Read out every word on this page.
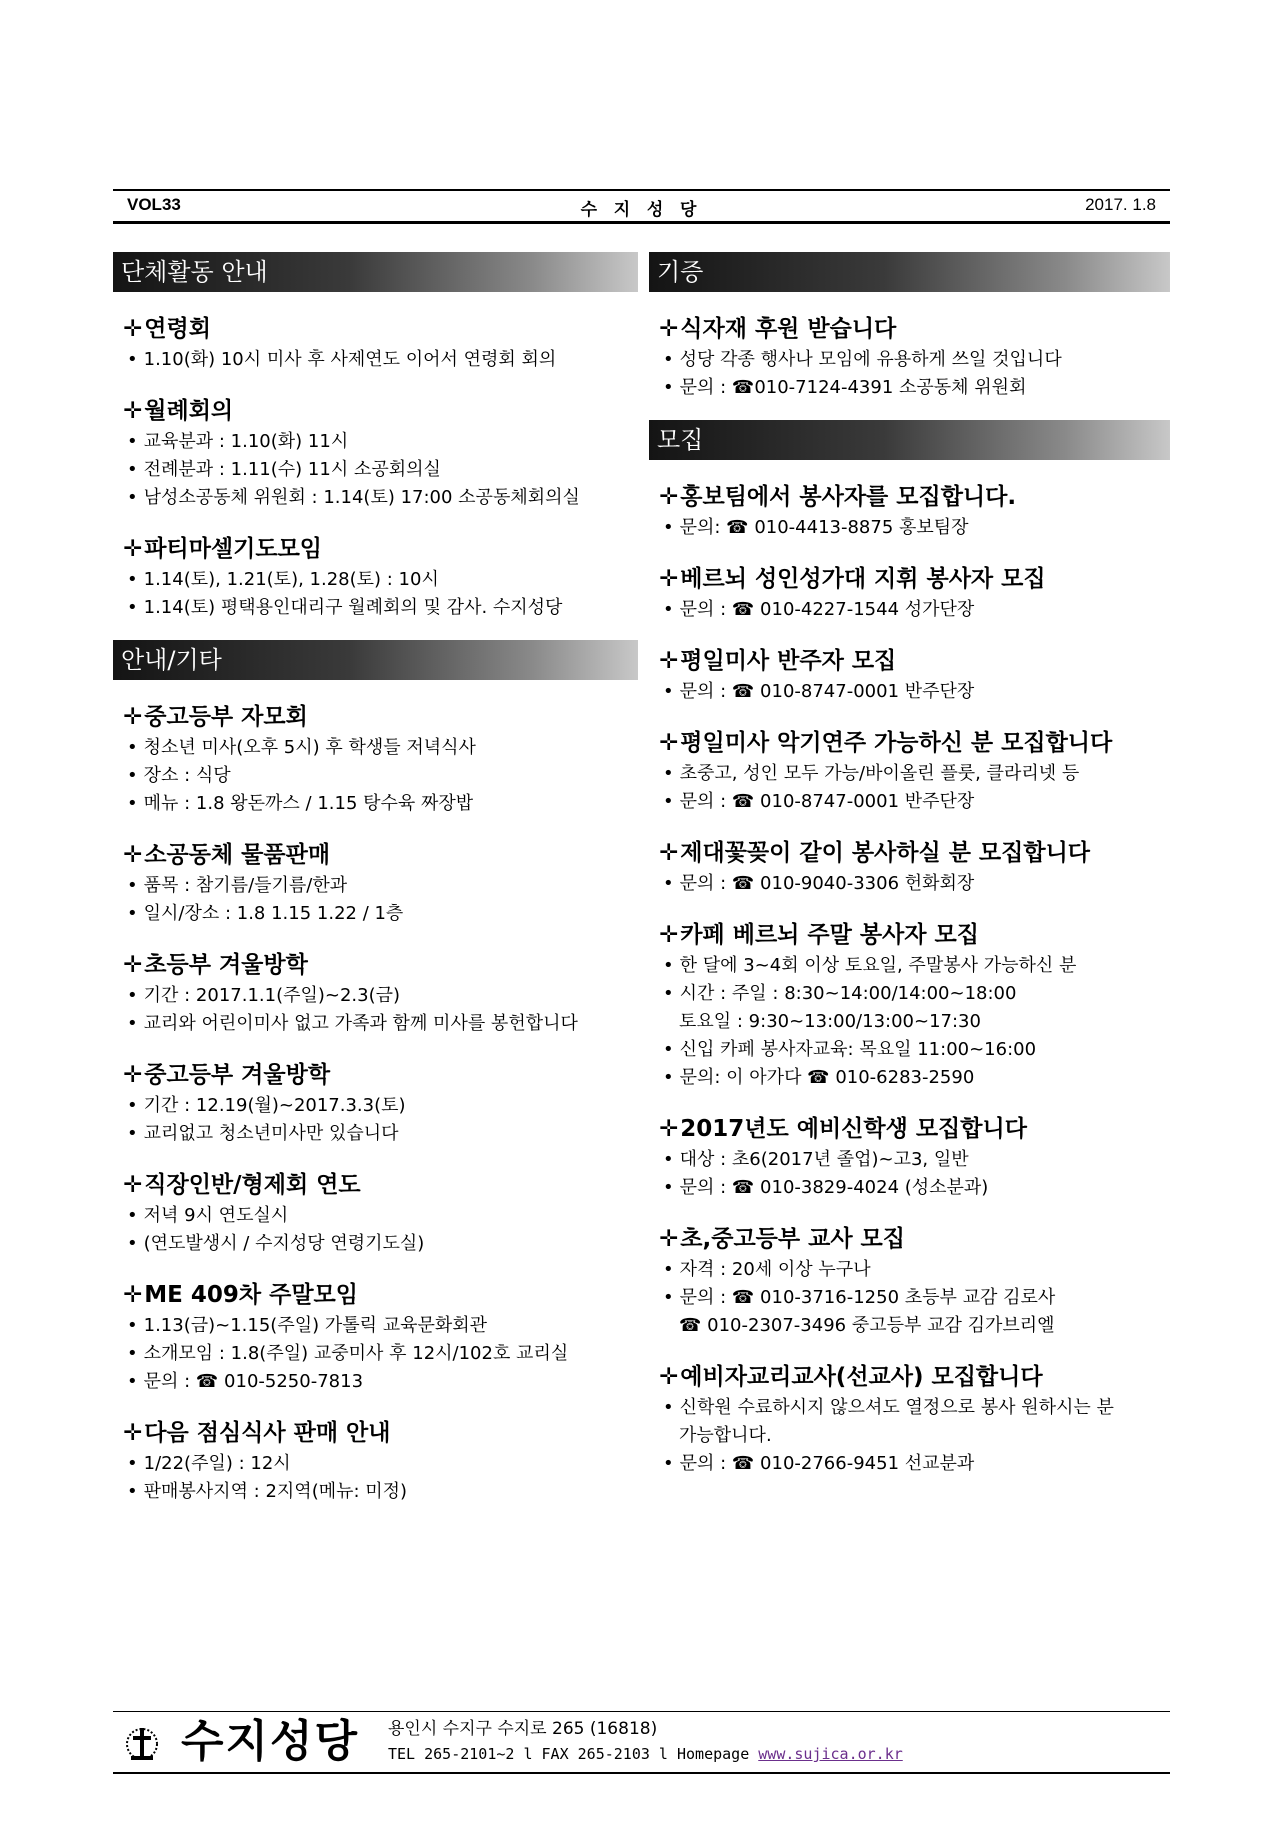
VOL33	수 지 성 당	2017. 1.8
단체활동 안내
✛연령회
• 1.10(화) 10시 미사 후 사제연도 이어서 연령회 회의
✛월례회의
• 교육분과 : 1.10(화) 11시
• 전례분과 : 1.11(수) 11시 소공회의실
• 남성소공동체 위원회 : 1.14(토) 17:00 소공동체회의실
✛파티마셀기도모임
• 1.14(토), 1.21(토), 1.28(토) : 10시
• 1.14(토) 평택용인대리구 월례회의 및 감사. 수지성당
안내/기타
✛중고등부 자모회
• 청소년 미사(오후 5시) 후 학생들 저녁식사
• 장소 : 식당
• 메뉴 : 1.8 왕돈까스 / 1.15 탕수육 짜장밥
✛소공동체 물품판매
• 품목 : 참기름/들기름/한과
• 일시/장소 : 1.8 1.15 1.22 / 1층
✛초등부 겨울방학
• 기간 : 2017.1.1(주일)~2.3(금)
• 교리와 어린이미사 없고 가족과 함께 미사를 봉헌합니다
✛중고등부 겨울방학
• 기간 : 12.19(월)~2017.3.3(토)
• 교리없고 청소년미사만 있습니다
✛직장인반/형제회 연도
• 저녁 9시 연도실시
• (연도발생시 / 수지성당 연령기도실)
✛ME 409차 주말모임
• 1.13(금)~1.15(주일) 가톨릭 교육문화회관
• 소개모임 : 1.8(주일) 교중미사 후 12시/102호 교리실
• 문의 : ☎ 010-5250-7813
✛다음 점심식사 판매 안내
• 1/22(주일) : 12시
• 판매봉사지역 : 2지역(메뉴: 미정)
기증
✛식자재 후원 받습니다
• 성당 각종 행사나 모임에 유용하게 쓰일 것입니다
• 문의 : ☎010-7124-4391 소공동체 위원회
모집
✛홍보팀에서 봉사자를 모집합니다.
• 문의: ☎ 010-4413-8875 홍보팀장
✛베르뇌 성인성가대 지휘 봉사자 모집
• 문의 : ☎ 010-4227-1544 성가단장
✛평일미사 반주자 모집
• 문의 : ☎ 010-8747-0001 반주단장
✛평일미사 악기연주 가능하신 분 모집합니다
• 초중고, 성인 모두 가능/바이올린 플룻, 클라리넷 등
• 문의 : ☎ 010-8747-0001 반주단장
✛제대꽃꽂이 같이 봉사하실 분 모집합니다
• 문의 : ☎ 010-9040-3306 헌화회장
✛카페 베르뇌 주말 봉사자 모집
• 한 달에 3~4회 이상 토요일, 주말봉사 가능하신 분
• 시간 : 주일 : 8:30~14:00/14:00~18:00
토요일 : 9:30~13:00/13:00~17:30
• 신입 카페 봉사자교육: 목요일 11:00~16:00
• 문의: 이 아가다 ☎ 010-6283-2590
✛2017년도 예비신학생 모집합니다
• 대상 : 초6(2017년 졸업)~고3, 일반
• 문의 : ☎ 010-3829-4024 (성소분과)
✛초,중고등부 교사 모집
• 자격 : 20세 이상 누구나
• 문의 : ☎ 010-3716-1250 초등부 교감 김로사
☎ 010-2307-3496 중고등부 교감 김가브리엘
✛예비자교리교사(선교사) 모집합니다
• 신학원 수료하시지 않으셔도 열정으로 봉사 원하시는 분
가능합니다.
• 문의 : ☎ 010-2766-9451 선교분과
수지성당 용인시 수지구 수지로 265 (16818)
TEL 265-2101~2 l FAX 265-2103 l Homepage www.sujica.or.kr
